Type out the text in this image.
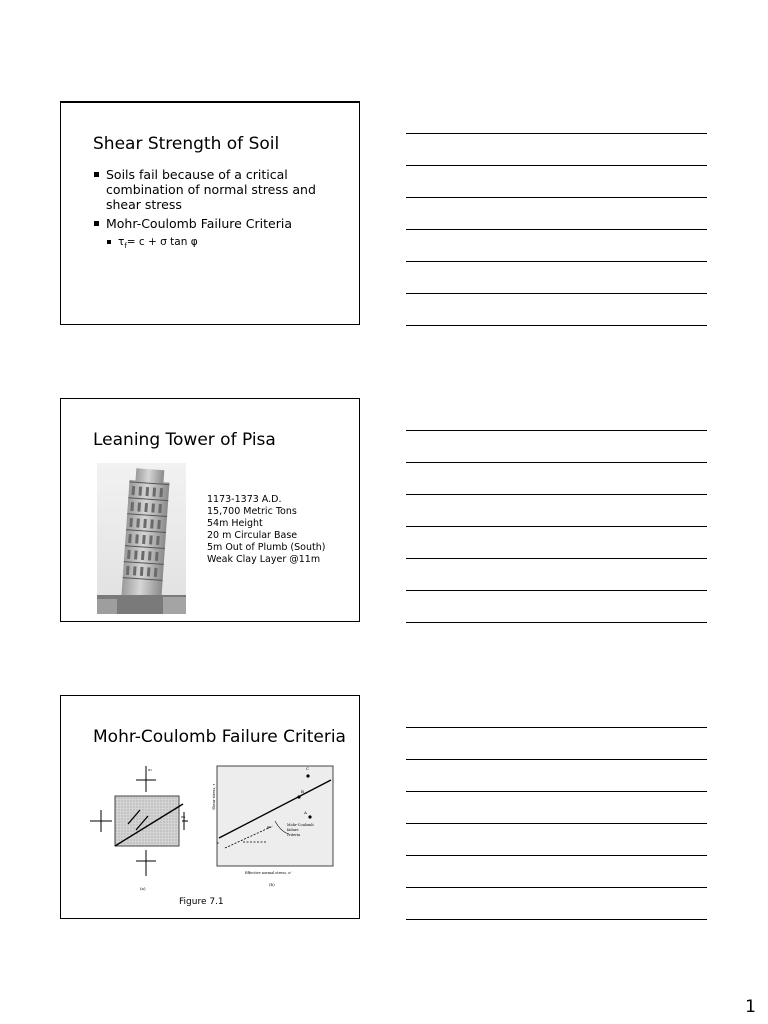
Shear Strength of Soil
Soils fail because of a critical combination of normal stress and shear stress
Mohr-Coulomb Failure Criteria
$\tau_f= c + \sigma$ tan φ
Leaning Tower of Pisa
1173-1373 A.D.
15,700 Metric Tons
54m Height
20 m Circular Base
5m Out of Plumb (South)
Weak Clay Layer @11m
Mohr-Coulomb Failure Criteria
σ₁
σ₃
(a)
Mohr-Coulomb
failure
criteria
C
B
A
φ
Shear stress, τ
c
Effective normal stress, σ'
(b)
Figure 7.1
1
